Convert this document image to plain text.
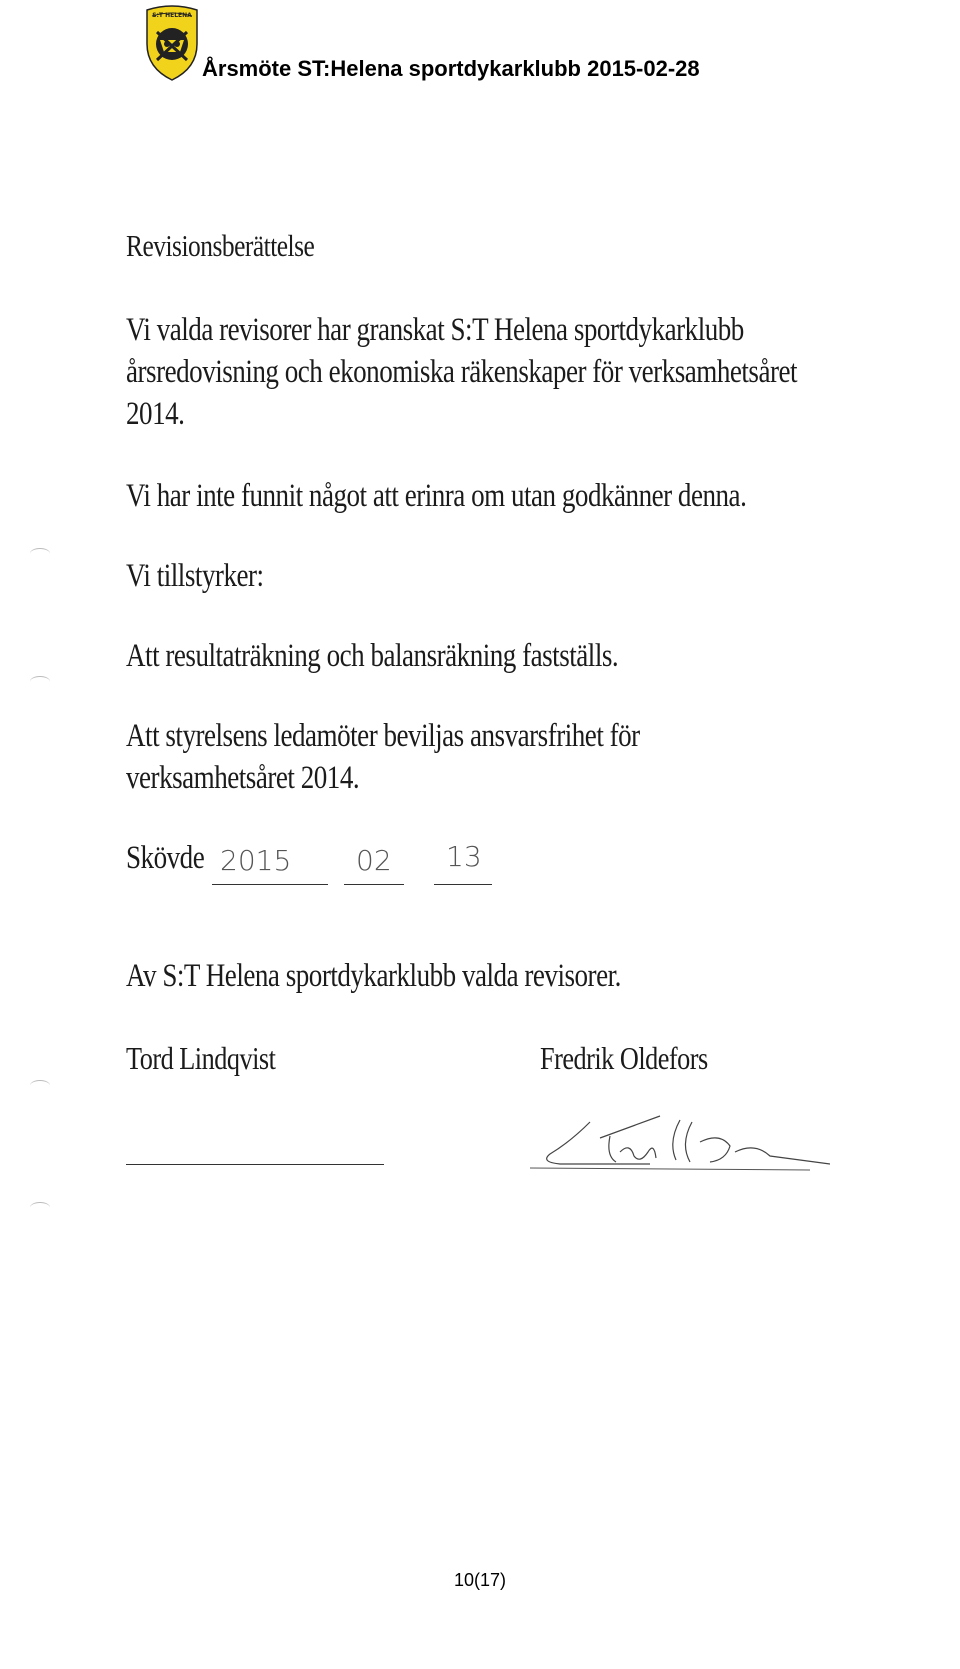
S:T HELENA
Årsmöte ST:Helena sportdykarklubb 2015-02-28
Revisionsberättelse
Vi valda revisorer har granskat S:T Helena sportdykarklubb
årsredovisning och ekonomiska räkenskaper för verksamhetsåret
2014.
Vi har inte funnit något att erinra om utan godkänner denna.
Vi tillstyrker:
Att resultaträkning och balansräkning fastställs.
Att styrelsens ledamöter beviljas ansvarsfrihet för
verksamhetsåret 2014.
Skövde 2015 02 13
Av S:T Helena sportdykarklubb valda revisorer.
Tord Lindqvist	Fredrik Oldefors
10(17)
